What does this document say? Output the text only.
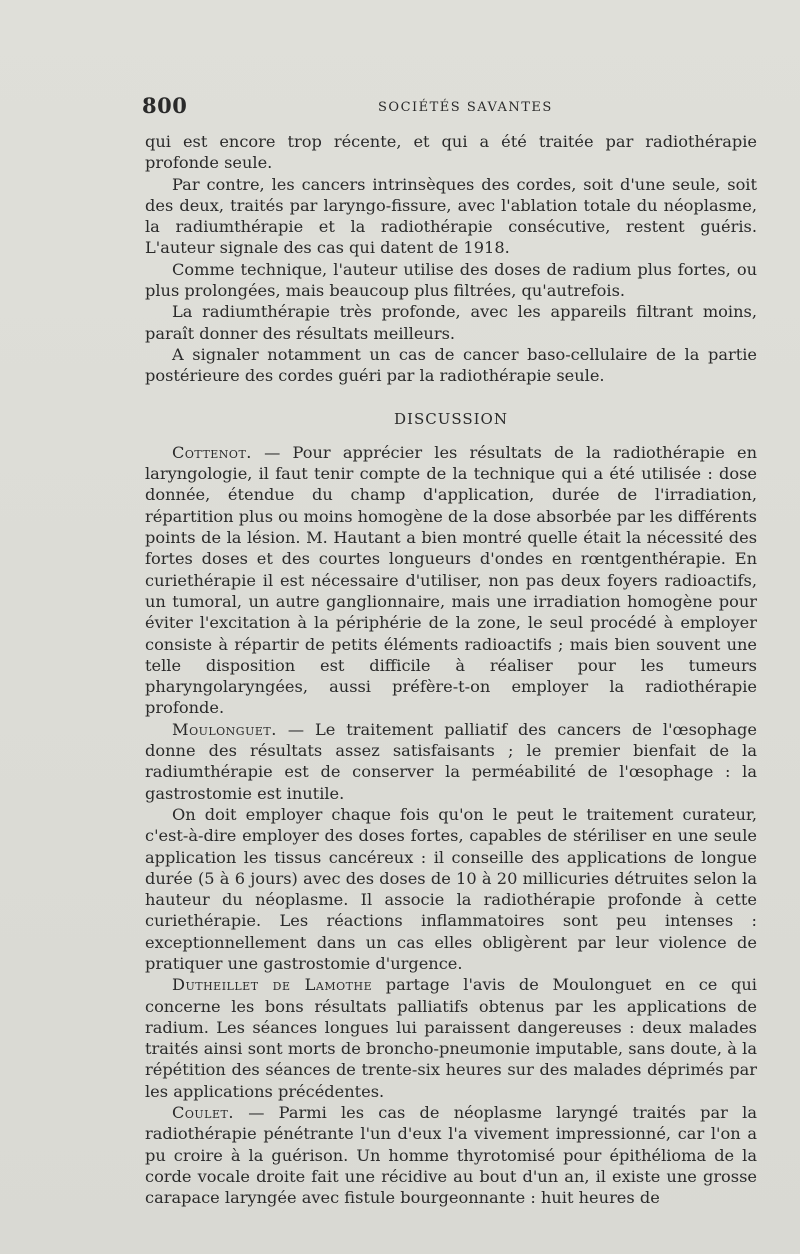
800	SOCIÉTÉS SAVANTES

qui est encore trop récente, et qui a été traitée par radiothérapie profonde seule.

Par contre, les cancers intrinsèques des cordes, soit d'une seule, soit des deux, traités par laryngo-fissure, avec l'ablation totale du néoplasme, la radiumthérapie et la radiothérapie consécutive, restent guéris. L'auteur signale des cas qui datent de 1918.

Comme technique, l'auteur utilise des doses de radium plus fortes, ou plus prolongées, mais beaucoup plus filtrées, qu'autrefois.

La radiumthérapie très profonde, avec les appareils filtrant moins, paraît donner des résultats meilleurs.

A signaler notamment un cas de cancer baso-cellulaire de la partie postérieure des cordes guéri par la radiothérapie seule.

DISCUSSION

Cottenot. — Pour apprécier les résultats de la radiothérapie en laryngologie, il faut tenir compte de la technique qui a été utilisée : dose donnée, étendue du champ d'application, durée de l'irradiation, répartition plus ou moins homogène de la dose absorbée par les différents points de la lésion. M. Hautant a bien montré quelle était la nécessité des fortes doses et des courtes longueurs d'ondes en rœntgenthérapie. En curiethérapie il est nécessaire d'utiliser, non pas deux foyers radioactifs, un tumoral, un autre ganglionnaire, mais une irradiation homogène pour éviter l'excitation à la périphérie de la zone, le seul procédé à employer consiste à répartir de petits éléments radioactifs ; mais bien souvent une telle disposition est difficile à réaliser pour les tumeurs pharyngolaryngées, aussi préfère-t-on employer la radiothérapie profonde.

Moulonguet. — Le traitement palliatif des cancers de l'œsophage donne des résultats assez satisfaisants ; le premier bienfait de la radiumthérapie est de conserver la perméabilité de l'œsophage : la gastrostomie est inutile.

On doit employer chaque fois qu'on le peut le traitement curateur, c'est-à-dire employer des doses fortes, capables de stériliser en une seule application les tissus cancéreux : il conseille des applications de longue durée (5 à 6 jours) avec des doses de 10 à 20 millicuries détruites selon la hauteur du néoplasme. Il associe la radiothérapie profonde à cette curiethérapie. Les réactions inflammatoires sont peu intenses : exceptionnellement dans un cas elles obligèrent par leur violence de pratiquer une gastrostomie d'urgence.

Dutheillet de Lamothe partage l'avis de Moulonguet en ce qui concerne les bons résultats palliatifs obtenus par les applications de radium. Les séances longues lui paraissent dangereuses : deux malades traités ainsi sont morts de broncho-pneumonie imputable, sans doute, à la répétition des séances de trente-six heures sur des malades déprimés par les applications précédentes.

Coulet. — Parmi les cas de néoplasme laryngé traités par la radiothérapie pénétrante l'un d'eux l'a vivement impressionné, car l'on a pu croire à la guérison. Un homme thyrotomisé pour épithélioma de la corde vocale droite fait une récidive au bout d'un an, il existe une grosse carapace laryngée avec fistule bourgeonnante : huit heures de
